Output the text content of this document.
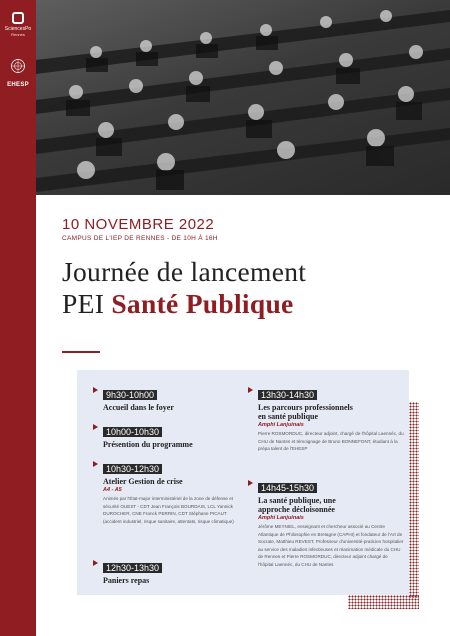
SciencesPo
Rennes
EHESP
10 NOVEMBRE 2022
CAMPUS DE L'IEP DE RENNES - DE 10H À 16H
Journée de lancement
PEI Santé Publique
9h30-10h00
Accueil dans le foyer
10h00-10h30
Présention du programme
10h30-12h30
Atelier Gestion de crise
A4 - A5
Animés par l'État-major interministériel de la zone de défense et sécurité OUEST - CDT Jean François BOURDAIS, LCL Yannick DUROCHER, CNE Franck PERRIN, CDT Stéphane PICAUT (accident industriel, risque sanitaire, attentats, risque climatique)
12h30-13h30
Paniers repas
13h30-14h30
Les parcours professionnels
en santé publique
Amphi Lanjuinais
Pierre ROSMORDUC, directeur adjoint, chargé de l'hôpital Laennéc, du CHU de Nantes et témoignage de Bruno BONNEFONT, étudiant à la prépa talent de l'EHESP
14h45-15h30
La santé publique, une
approche décloisonnée
Amphi Lanjuinais
Jérôme MEYNIEL, enseignant et chercheur associé au Centre Atlantique de Philosophie en Bretagne (CAPHI) et fondateur de l'Art de Socrate, Matthieu REVEST, Professeur d'université-praticien hospitalier au service des maladies infectieuses et réanimation médicale du CHU de Rennes et Pierre ROSMORDUC, directeur adjoint chargé de l'hôpital Laennéc, du CHU de Nantes
